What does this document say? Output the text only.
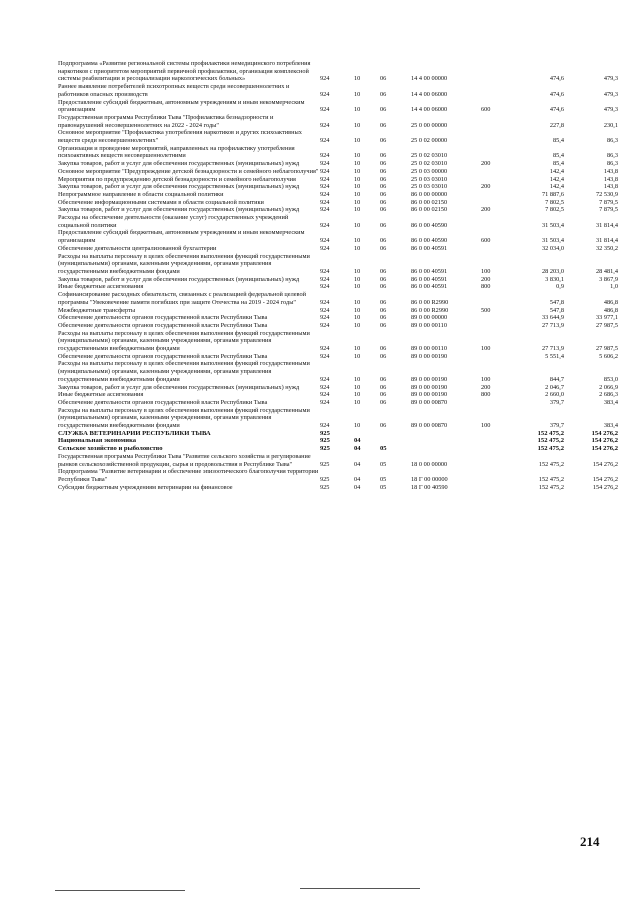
Подпрограмма «Развитие региональной системы профилактики немедицинского потребления наркотиков с приоритетом мероприятий первичной профилактики, организация комплексной системы реабилитации и ресоциализации наркологических больных»	924	10	06	14 4 00 00000		474,6	479,3
Раннее выявление потребителей психотропных веществ среди несовершеннолетних и работников опасных производств	924	10	06	14 4 00 06000		474,6	479,3
Предоставление субсидий бюджетным, автономным учреждениям и иным некоммерческим организациям	924	10	06	14 4 00 06000	600	474,6	479,3
Государственная программа Республики Тыва "Профилактика безнадзорности и правонарушений несовершеннолетних на 2022 - 2024 годы"	924	10	06	25 0 00 00000		227,8	230,1
Основное мероприятие "Профилактика употребления наркотиков и других психоактивных веществ среди несовершеннолетних"	924	10	06	25 0 02 00000		85,4	86,3
Организация и проведение мероприятий, направленных на профилактику употребления психоактивных веществ несовершеннолетними	924	10	06	25 0 02 03010		85,4	86,3
Закупка товаров, работ и услуг для обеспечения государственных (муниципальных) нужд	924	10	06	25 0 02 03010	200	85,4	86,3
Основное мероприятие "Предупреждение детской безнадзорности и семейного неблагополучия"	924	10	06	25 0 03 00000		142,4	143,8
Мероприятия по предупреждению детской безнадзорности и семейного неблагополучия	924	10	06	25 0 03 03010		142,4	143,8
Закупка товаров, работ и услуг для обеспечения государственных (муниципальных) нужд	924	10	06	25 0 03 03010	200	142,4	143,8
Непрограммное направление в области социальной политики	924	10	06	86 0 00 00000		71 887,6	72 530,9
Обеспечение информационными системами в области социальной политики	924	10	06	86 0 00 02150		7 802,5	7 879,5
Закупка товаров, работ и услуг для обеспечения государственных (муниципальных) нужд	924	10	06	86 0 00 02150	200	7 802,5	7 879,5
Расходы на обеспечение деятельности (оказание услуг) государственных учреждений социальной политики	924	10	06	86 0 00 40590		31 503,4	31 814,4
Предоставление субсидий бюджетным, автономным учреждениям и иным некоммерческим организациям	924	10	06	86 0 00 40590	600	31 503,4	31 814,4
Обеспечение деятельности централизованной бухгалтерии	924	10	06	86 0 00 40591		32 034,0	32 350,2
Расходы на выплаты персоналу в целях обеспечения выполнения функций государственными (муниципальными) органами, казенными учреждениями, органами управления государственными внебюджетными фондами	924	10	06	86 0 00 40591	100	28 203,0	28 481,4
Закупка товаров, работ и услуг для обеспечения государственных (муниципальных) нужд	924	10	06	86 0 00 40591	200	3 830,1	3 867,9
Иные бюджетные ассигнования	924	10	06	86 0 00 40591	800	0,9	1,0
Софинансирование расходных обязательств, связанных с реализацией федеральной целевой программы "Увековечение памяти погибших при защите Отечества на 2019 - 2024 годы"	924	10	06	86 0 00 R2990		547,8	486,8
Межбюджетные трансферты	924	10	06	86 0 00 R2990	500	547,8	486,8
Обеспечение деятельности органов государственной власти Республики Тыва	924	10	06	89 0 00 00000		33 644,9	33 977,1
Обеспечение деятельности органов государственной власти Республики Тыва	924	10	06	89 0 00 00110		27 713,9	27 987,5
Расходы на выплаты персоналу в целях обеспечения выполнения функций государственными (муниципальными) органами, казенными учреждениями, органами управления государственными внебюджетными фондами	924	10	06	89 0 00 00110	100	27 713,9	27 987,5
Обеспечение деятельности органов государственной власти Республики Тыва	924	10	06	89 0 00 00190		5 551,4	5 606,2
Расходы на выплаты персоналу в целях обеспечения выполнения функций государственными (муниципальными) органами, казенными учреждениями, органами управления государственными внебюджетными фондами	924	10	06	89 0 00 00190	100	844,7	853,0
Закупка товаров, работ и услуг для обеспечения государственных (муниципальных) нужд	924	10	06	89 0 00 00190	200	2 046,7	2 066,9
Иные бюджетные ассигнования	924	10	06	89 0 00 00190	800	2 660,0	2 686,3
Обеспечение деятельности органов государственной власти Республики Тыва	924	10	06	89 0 00 00870		379,7	383,4
Расходы на выплаты персоналу в целях обеспечения выполнения функций государственными (муниципальными) органами, казенными учреждениями, органами управления государственными внебюджетными фондами	924	10	06	89 0 00 00870	100	379,7	383,4
СЛУЖБА ВЕТЕРИНАРИИ РЕСПУБЛИКИ ТЫВА	925					152 475,2	154 276,2
Национальная экономика	925	04				152 475,2	154 276,2
Сельское хозяйство и рыболовство	925	04	05			152 475,2	154 276,2
Государственная программа Республики Тыва "Развитие сельского хозяйства и регулирование рынков сельскохозяйственной продукции, сырья и продовольствия в Республике Тыва"	925	04	05	18 0 00 00000		152 475,2	154 276,2
Подпрограмма "Развитие ветеринарии и обеспечение эпизоотического благополучия территории Республики Тыва"	925	04	05	18 Г 00 00000		152 475,2	154 276,2
Субсидии бюджетным учреждениям ветеринарии на финансовое	925	04	05	18 Г 00 40590		152 475,2	154 276,2
214
